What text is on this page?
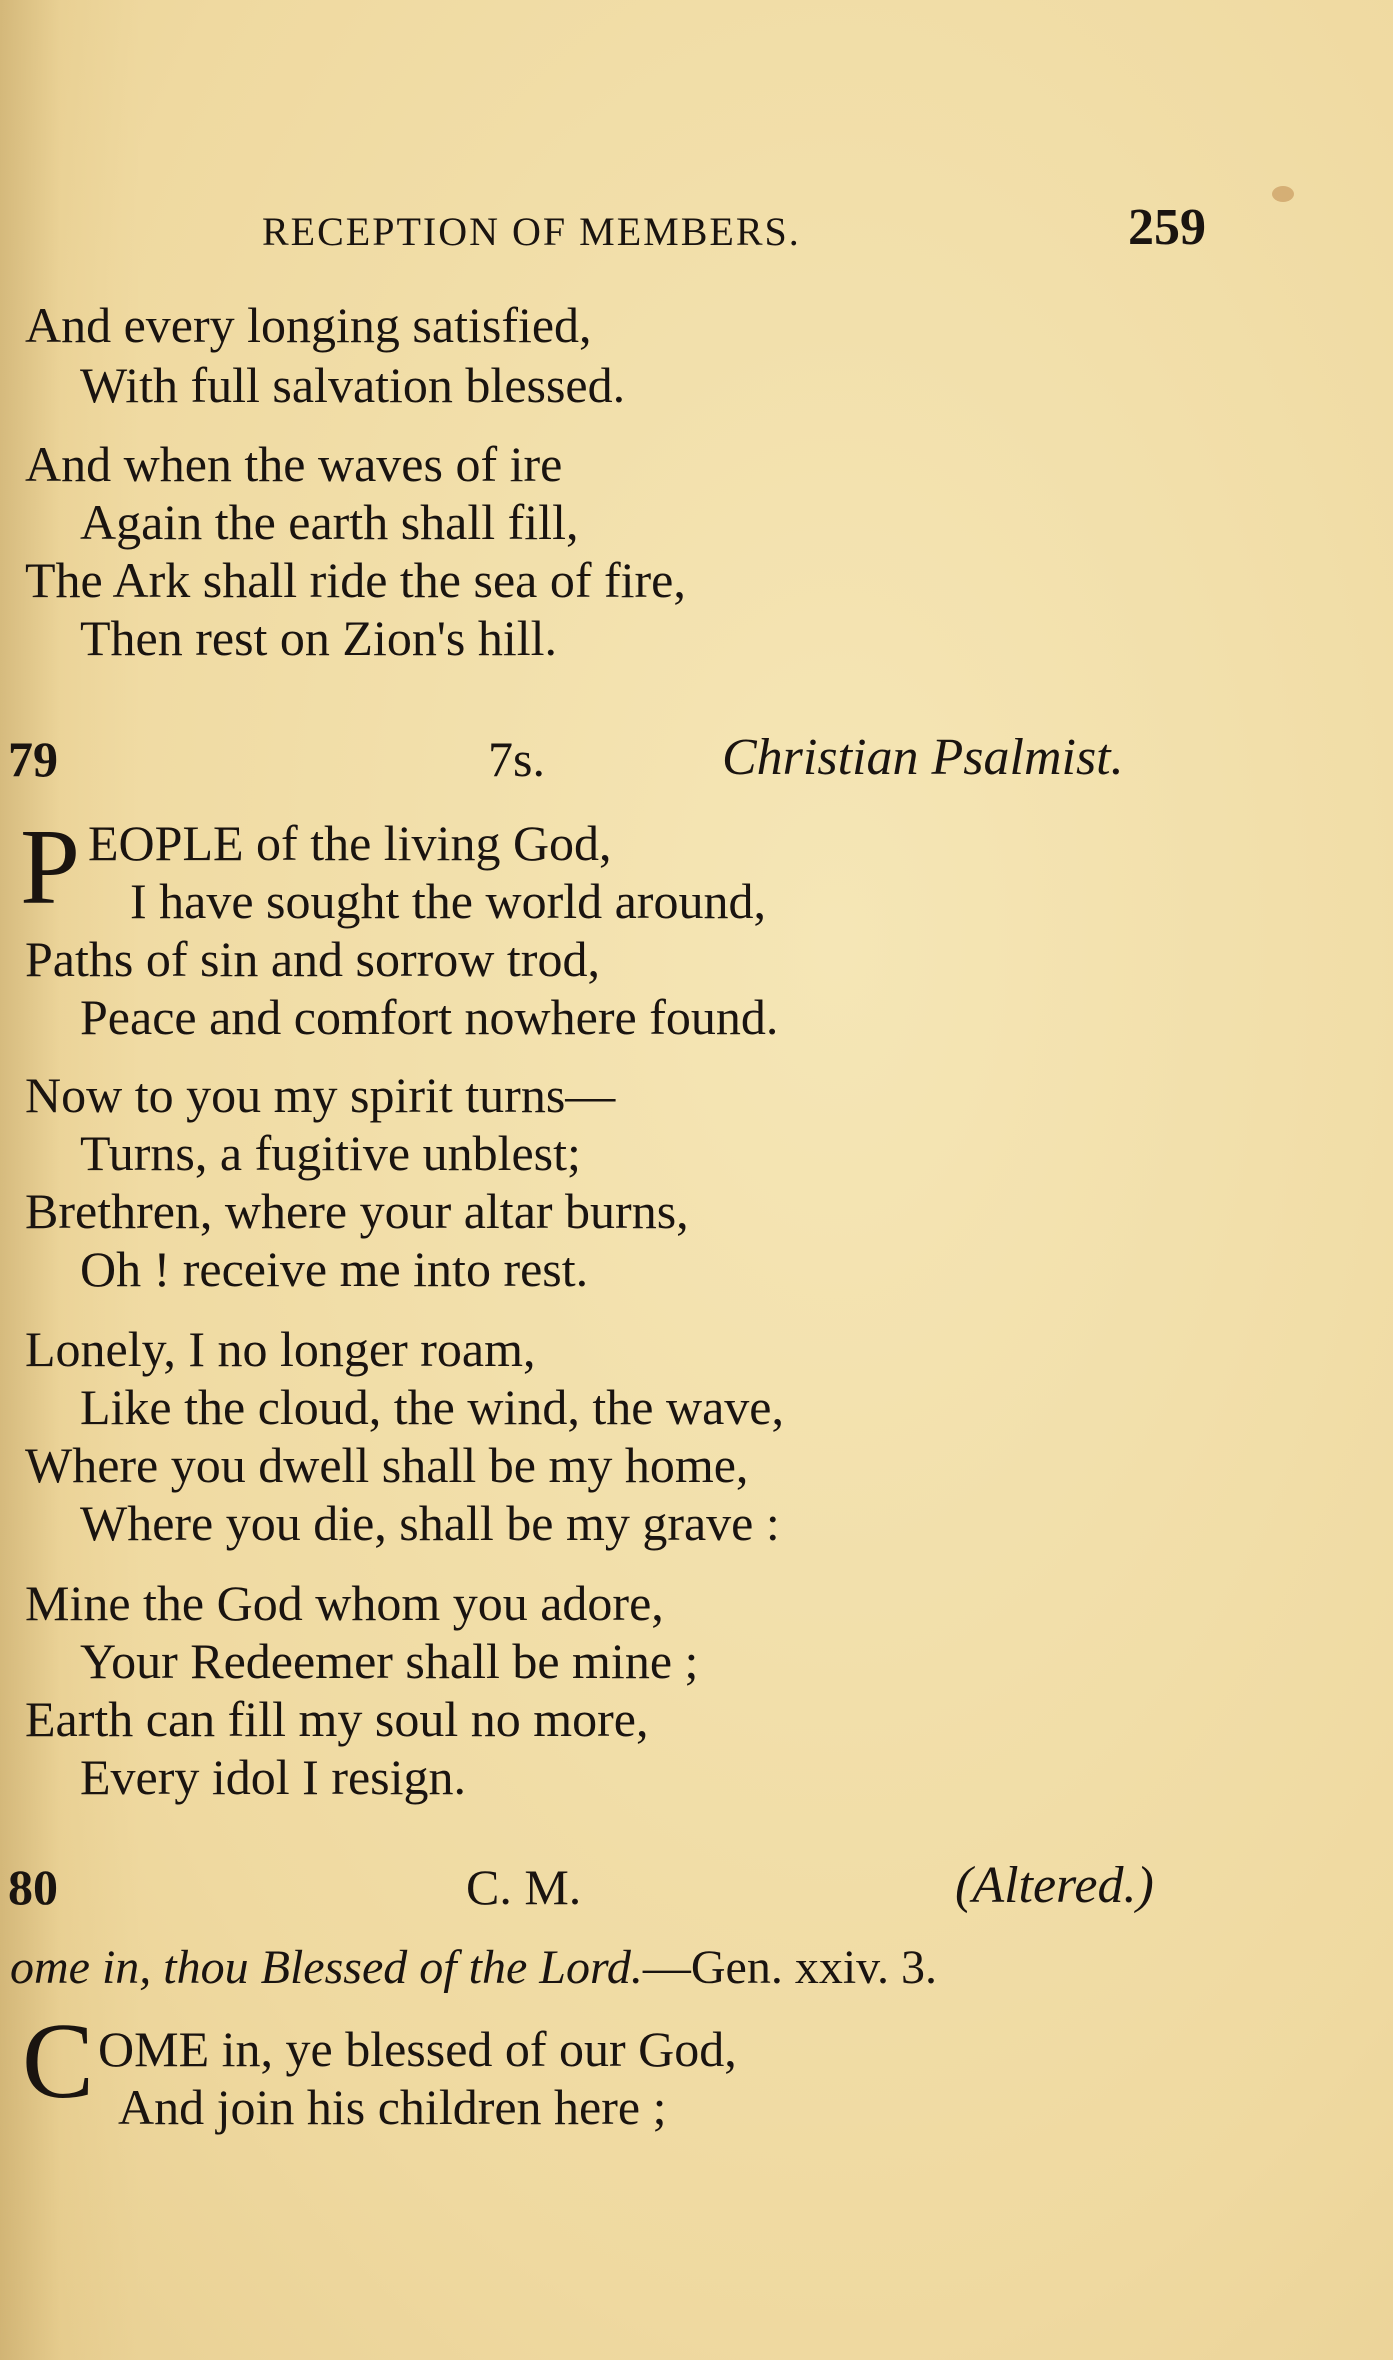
RECEPTION OF MEMBERS.	259
And every longing satisfied,
With full salvation blessed.
And when the waves of ire
Again the earth shall fill,
The Ark shall ride the sea of fire,
Then rest on Zion's hill.
79	7s.	Christian Psalmist.
P EOPLE of the living God,
I have sought the world around,
Paths of sin and sorrow trod,
Peace and comfort nowhere found.
Now to you my spirit turns—
Turns, a fugitive unblest;
Brethren, where your altar burns,
Oh ! receive me into rest.
Lonely, I no longer roam,
Like the cloud, the wind, the wave,
Where you dwell shall be my home,
Where you die, shall be my grave :
Mine the God whom you adore,
Your Redeemer shall be mine ;
Earth can fill my soul no more,
Every idol I resign.
80	C. M.	(Altered.)
ome in, thou Blessed of the Lord.—Gen. xxiv. 3.
C OME in, ye blessed of our God,
And join his children here ;
